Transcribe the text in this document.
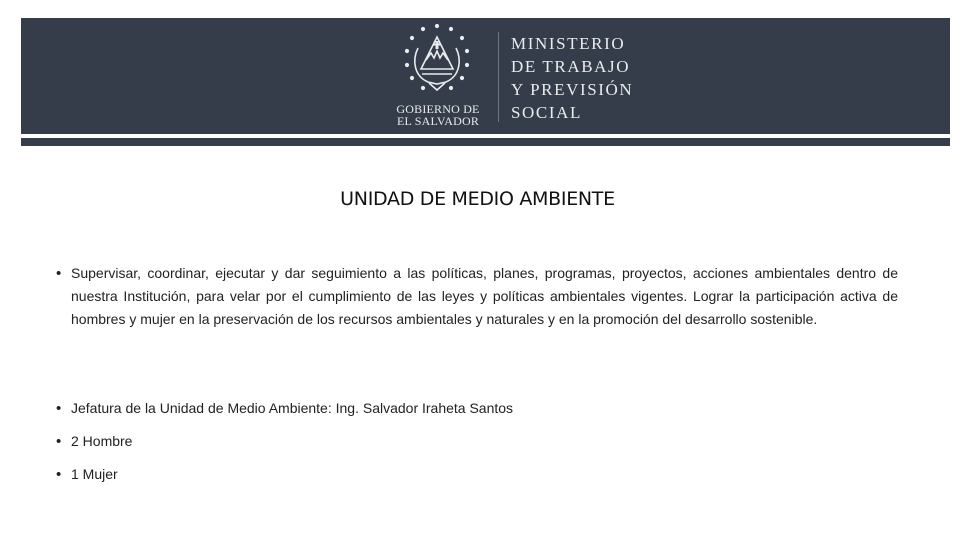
GOBIERNO DE
EL SALVADOR
MINISTERIO
DE TRABAJO
Y PREVISIÓN
SOCIAL
UNIDAD DE MEDIO AMBIENTE
• Supervisar, coordinar, ejecutar y dar seguimiento a las políticas, planes, programas, proyectos, acciones ambientales dentro de nuestra Institución, para velar por el cumplimiento de las leyes y políticas ambientales vigentes. Lograr la participación activa de hombres y mujer en la preservación de los recursos ambientales y naturales y en la promoción del desarrollo sostenible.
• Jefatura de la Unidad de Medio Ambiente: Ing. Salvador Iraheta Santos
• 2 Hombre
• 1 Mujer
